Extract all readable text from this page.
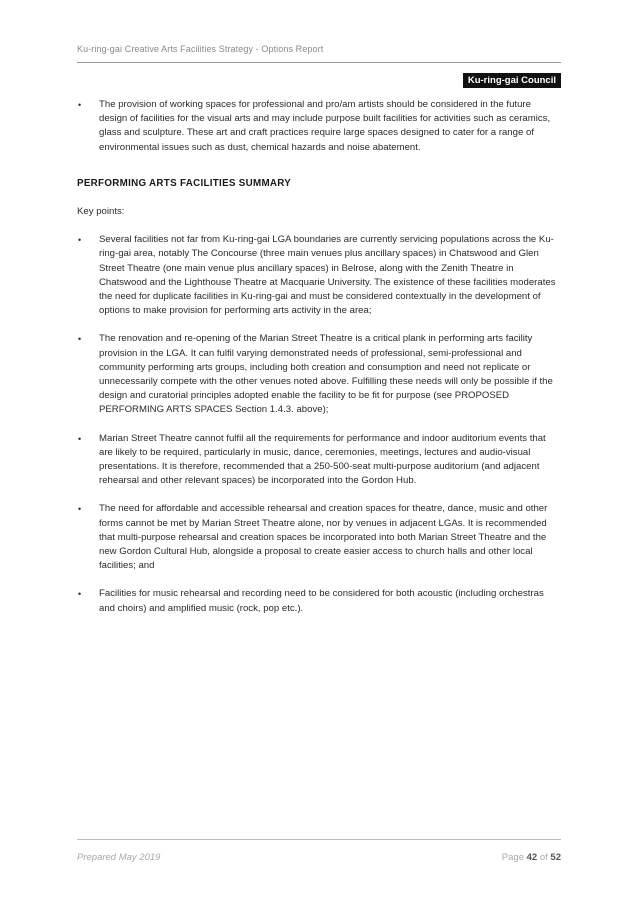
Ku-ring-gai Creative Arts Facilities Strategy - Options Report
Ku-ring-gai Council

• The provision of working spaces for professional and pro/am artists should be considered in the future design of facilities for the visual arts and may include purpose built facilities for activities such as ceramics, glass and sculpture. These art and craft practices require large spaces designed to cater for a range of environmental issues such as dust, chemical hazards and noise abatement.

PERFORMING ARTS FACILITIES SUMMARY
Key points:

• Several facilities not far from Ku-ring-gai LGA boundaries are currently servicing populations across the Ku-ring-gai area, notably The Concourse (three main venues plus ancillary spaces) in Chatswood and Glen Street Theatre (one main venue plus ancillary spaces) in Belrose, along with the Zenith Theatre in Chatswood and the Lighthouse Theatre at Macquarie University. The existence of these facilities moderates the need for duplicate facilities in Ku-ring-gai and must be considered contextually in the development of options to make provision for performing arts activity in the area;

• The renovation and re-opening of the Marian Street Theatre is a critical plank in performing arts facility provision in the LGA. It can fulfil varying demonstrated needs of professional, semi-professional and community performing arts groups, including both creation and consumption and need not replicate or unnecessarily compete with the other venues noted above. Fulfilling these needs will only be possible if the design and curatorial principles adopted enable the facility to be fit for purpose (see PROPOSED PERFORMING ARTS SPACES Section 1.4.3. above);

• Marian Street Theatre cannot fulfil all the requirements for performance and indoor auditorium events that are likely to be required, particularly in music, dance, ceremonies, meetings, lectures and audio-visual presentations. It is therefore, recommended that a 250-500-seat multi-purpose auditorium (and adjacent rehearsal and other relevant spaces) be incorporated into the Gordon Hub.

• The need for affordable and accessible rehearsal and creation spaces for theatre, dance, music and other forms cannot be met by Marian Street Theatre alone, nor by venues in adjacent LGAs. It is recommended that multi-purpose rehearsal and creation spaces be incorporated into both Marian Street Theatre and the new Gordon Cultural Hub, alongside a proposal to create easier access to church halls and other local facilities; and

• Facilities for music rehearsal and recording need to be considered for both acoustic (including orchestras and choirs) and amplified music (rock, pop etc.).

Prepared May 2019	Page 42 of 52
